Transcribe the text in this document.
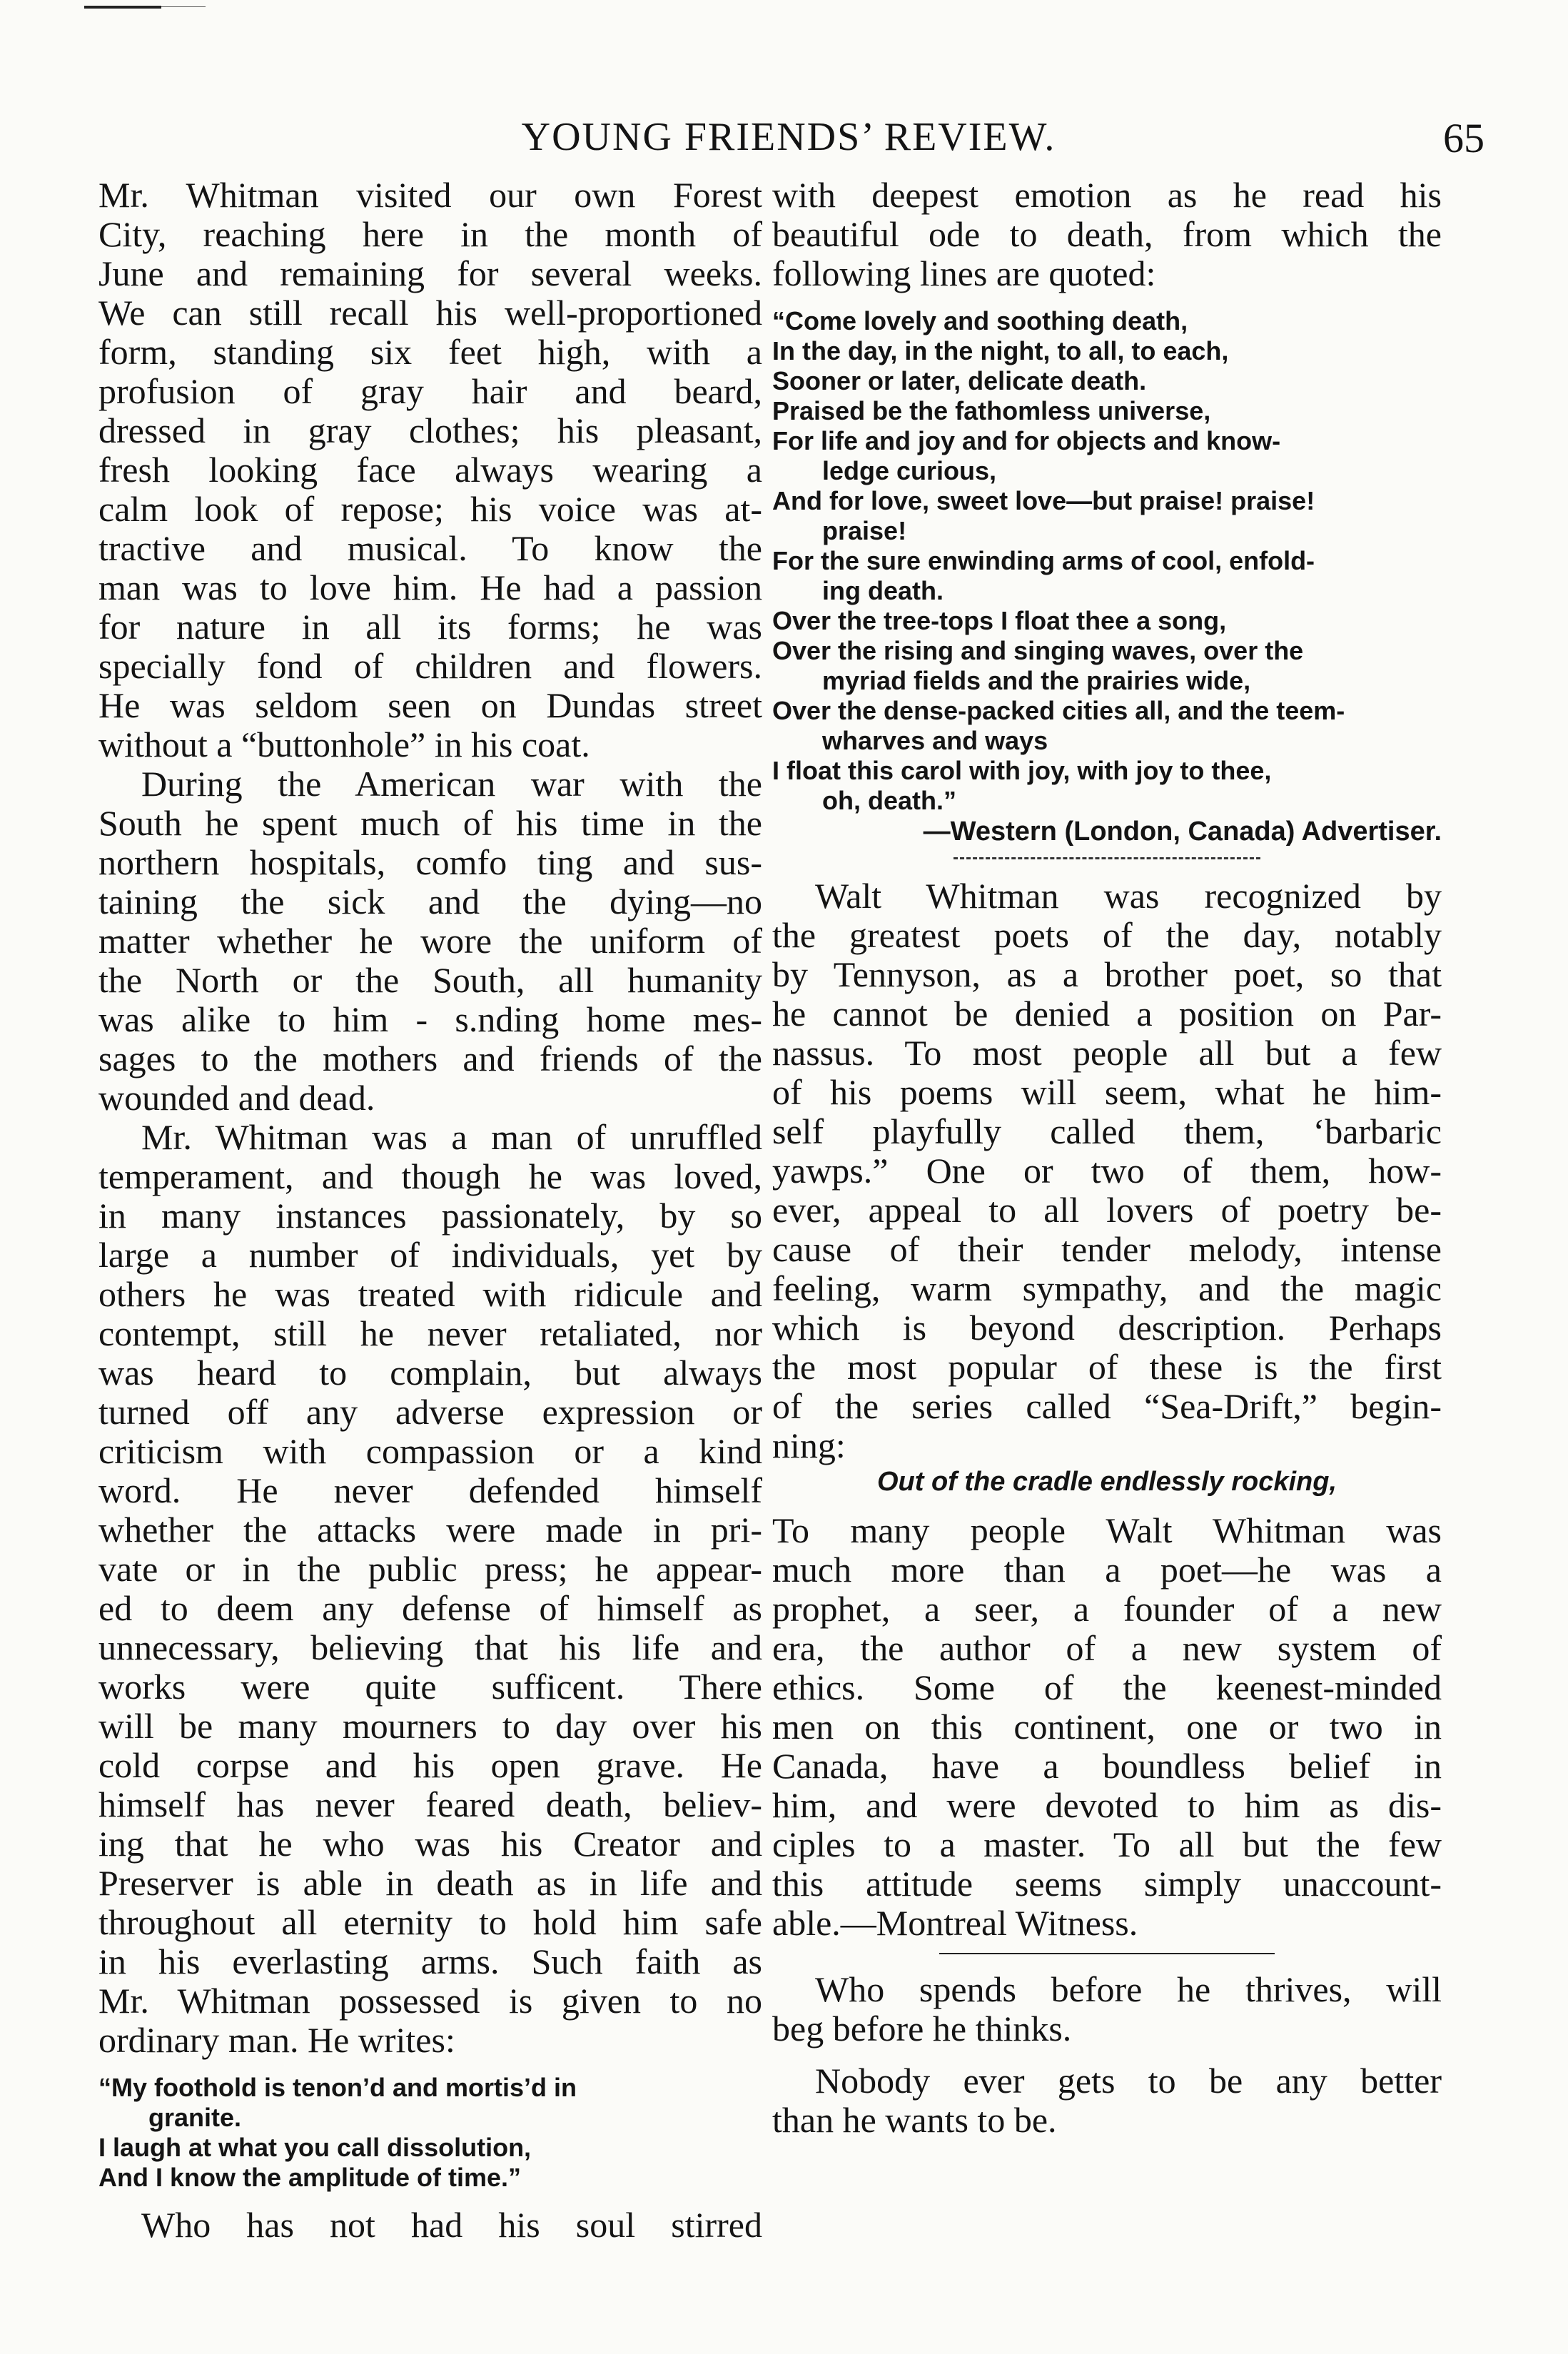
YOUNG FRIENDS’ REVIEW.	65
Mr. Whitman visited our own Forest
City, reaching here in the month of
June and remaining for several weeks.
We can still recall his well-proportioned
form, standing six feet high, with a
profusion of gray hair and beard,
dressed in gray clothes; his pleasant,
fresh looking face always wearing a
calm look of repose; his voice was at-
tractive and musical. To know the
man was to love him. He had a passion
for nature in all its forms; he was
specially fond of children and flowers.
He was seldom seen on Dundas street
without a “buttonhole” in his coat.
During the American war with the
South he spent much of his time in the
northern hospitals, comfo ting and sus-
taining the sick and the dying—no
matter whether he wore the uniform of
the North or the South, all humanity
was alike to him - s.nding home mes-
sages to the mothers and friends of the
wounded and dead.
Mr. Whitman was a man of unruffled
temperament, and though he was loved,
in many instances passionately, by so
large a number of individuals, yet by
others he was treated with ridicule and
contempt, still he never retaliated, nor
was heard to complain, but always
turned off any adverse expression or
criticism with compassion or a kind
word. He never defended himself
whether the attacks were made in pri-
vate or in the public press; he appear-
ed to deem any defense of himself as
unnecessary, believing that his life and
works were quite sufficent. There
will be many mourners to day over his
cold corpse and his open grave. He
himself has never feared death, believ-
ing that he who was his Creator and
Preserver is able in death as in life and
throughout all eternity to hold him safe
in his everlasting arms. Such faith as
Mr. Whitman possessed is given to no
ordinary man. He writes:
“My foothold is tenon’d and mortis’d in
granite.
I laugh at what you call dissolution,
And I know the amplitude of time.”
Who has not had his soul stirred
with deepest emotion as he read his
beautiful ode to death, from which the
following lines are quoted:
“Come lovely and soothing death,
In the day, in the night, to all, to each,
Sooner or later, delicate death.
Praised be the fathomless universe,
For life and joy and for objects and know-
ledge curious,
And for love, sweet love—but praise! praise!
praise!
For the sure enwinding arms of cool, enfold-
ing death.
Over the tree-tops I float thee a song,
Over the rising and singing waves, over the
myriad fields and the prairies wide,
Over the dense-packed cities all, and the teem-
wharves and ways
I float this carol with joy, with joy to thee,
oh, death.”
—Western (London, Canada) Advertiser.
Walt Whitman was recognized by
the greatest poets of the day, notably
by Tennyson, as a brother poet, so that
he cannot be denied a position on Par-
nassus. To most people all but a few
of his poems will seem, what he him-
self playfully called them, ‘barbaric
yawps.” One or two of them, how-
ever, appeal to all lovers of poetry be-
cause of their tender melody, intense
feeling, warm sympathy, and the magic
which is beyond description. Perhaps
the most popular of these is the first
of the series called “Sea-Drift,” begin-
ning:
Out of the cradle endlessly rocking,
To many people Walt Whitman was
much more than a poet—he was a
prophet, a seer, a founder of a new
era, the author of a new system of
ethics. Some of the keenest-minded
men on this continent, one or two in
Canada, have a boundless belief in
him, and were devoted to him as dis-
ciples to a master. To all but the few
this attitude seems simply unaccount-
able.—Montreal Witness.
Who spends before he thrives, will
beg before he thinks.
Nobody ever gets to be any better
than he wants to be.
